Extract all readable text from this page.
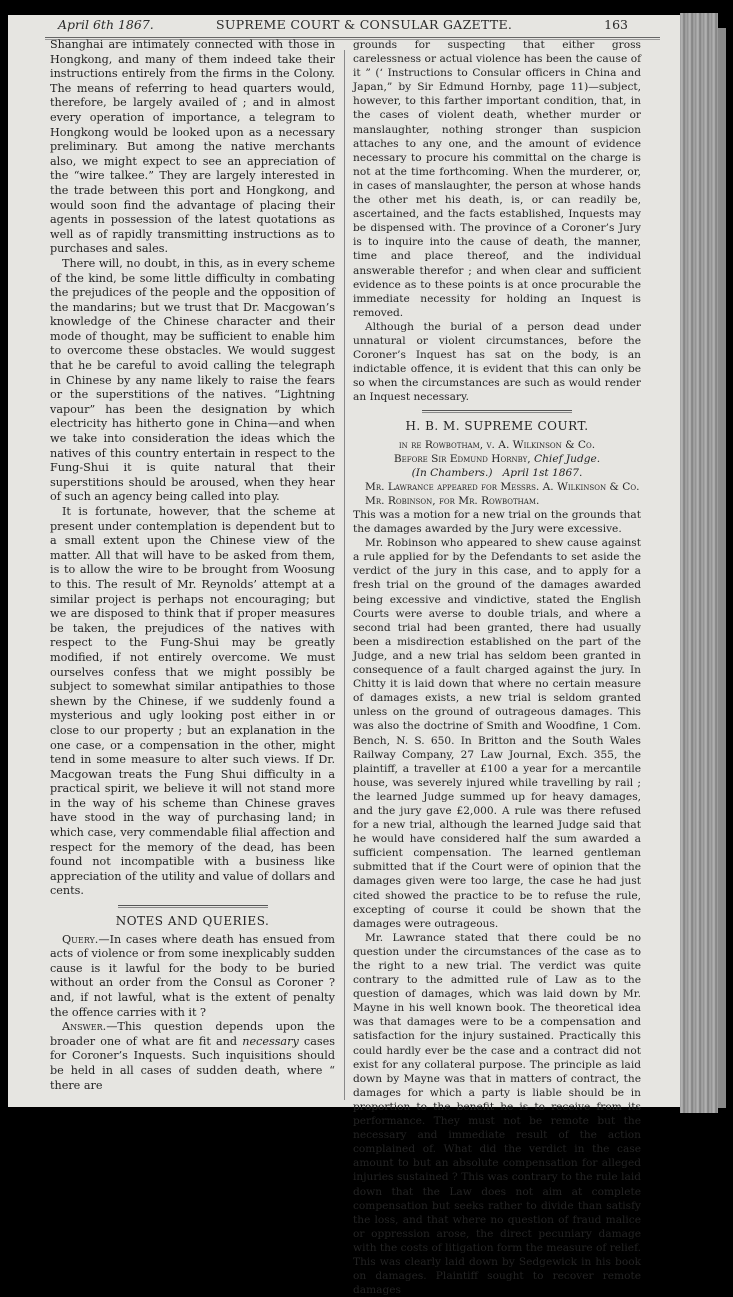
April 6th 1867.	SUPREME COURT & CONSULAR GAZETTE.	163

Shanghai are intimately connected with those in Hongkong, and many of them indeed take their instructions entirely from the firms in the Colony. The means of referring to head quarters would, therefore, be largely availed of ; and in almost every operation of importance, a telegram to Hongkong would be looked upon as a necessary preliminary. But among the native merchants also, we might expect to see an appreciation of the “wire talkee.” They are largely interested in the trade between this port and Hongkong, and would soon find the advantage of placing their agents in possession of the latest quotations as well as of rapidly transmitting instructions as to purchases and sales.

There will, no doubt, in this, as in every scheme of the kind, be some little difficulty in combating the prejudices of the people and the opposition of the mandarins; but we trust that Dr. Macgowan’s knowledge of the Chinese character and their mode of thought, may be sufficient to enable him to overcome these obstacles. We would suggest that he be careful to avoid calling the telegraph in Chinese by any name likely to raise the fears or the superstitions of the natives. “Lightning vapour” has been the designation by which electricity has hitherto gone in China—and when we take into consideration the ideas which the natives of this country entertain in respect to the Fung-Shui it is quite natural that their superstitions should be aroused, when they hear of such an agency being called into play.

It is fortunate, however, that the scheme at present under contemplation is dependent but to a small extent upon the Chinese view of the matter. All that will have to be asked from them, is to allow the wire to be brought from Woosung to this. The result of Mr. Reynolds’ attempt at a similar project is perhaps not encouraging; but we are disposed to think that if proper measures be taken, the prejudices of the natives with respect to the Fung-Shui may be greatly modified, if not entirely overcome. We must ourselves confess that we might possibly be subject to somewhat similar antipathies to those shewn by the Chinese, if we suddenly found a mysterious and ugly looking post either in or close to our property ; but an explanation in the one case, or a compensation in the other, might tend in some measure to alter such views. If Dr. Macgowan treats the Fung Shui difficulty in a practical spirit, we believe it will not stand more in the way of his scheme than Chinese graves have stood in the way of purchasing land; in which case, very commendable filial affection and respect for the memory of the dead, has been found not incompatible with a business like appreciation of the utility and value of dollars and cents.

NOTES AND QUERIES.

Query.—In cases where death has ensued from acts of violence or from some inexplicably sudden cause is it lawful for the body to be buried without an order from the Consul as Coroner ? and, if not lawful, what is the extent of penalty the offence carries with it ?

Answer.—This question depends upon the broader one of what are fit and necessary cases for Coroner’s Inquests. Such inquisitions should be held in all cases of sudden death, where “ there are

grounds for suspecting that either gross carelessness or actual violence has been the cause of it ” (‘ Instructions to Consular officers in China and Japan,” by Sir Edmund Hornby, page 11)—subject, however, to this farther important condition, that, in the cases of violent death, whether murder or manslaughter, nothing stronger than suspicion attaches to any one, and the amount of evidence necessary to procure his committal on the charge is not at the time forthcoming. When the murderer, or, in cases of manslaughter, the person at whose hands the other met his death, is, or can readily be, ascertained, and the facts established, Inquests may be dispensed with. The province of a Coroner’s Jury is to inquire into the cause of death, the manner, time and place thereof, and the individual answerable therefor ; and when clear and sufficient evidence as to these points is at once procurable the immediate necessity for holding an Inquest is removed.

Although the burial of a person dead under unnatural or violent circumstances, before the Coroner’s Inquest has sat on the body, is an indictable offence, it is evident that this can only be so when the circumstances are such as would render an Inquest necessary.

H. B. M. SUPREME COURT.
in re Rowbotham, v. A. Wilkinson & Co.
Before Sir Edmund Hornby, Chief Judge.
(In Chambers.) April 1st 1867.

Mr. Lawrance appeared for Messrs. A. Wilkinson & Co.

Mr. Robinson, for Mr. Rowbotham.

This was a motion for a new trial on the grounds that the damages awarded by the Jury were excessive.

Mr. Robinson who appeared to shew cause against a rule applied for by the Defendants to set aside the verdict of the jury in this case, and to apply for a fresh trial on the ground of the damages awarded being excessive and vindictive, stated the English Courts were averse to double trials, and where a second trial had been granted, there had usually been a misdirection established on the part of the Judge, and a new trial has seldom been granted in consequence of a fault charged against the jury. In Chitty it is laid down that where no certain measure of damages exists, a new trial is seldom granted unless on the ground of outrageous damages. This was also the doctrine of Smith and Woodfine, 1 Com. Bench, N. S. 650. In Britton and the South Wales Railway Company, 27 Law Journal, Exch. 355, the plaintiff, a traveller at £100 a year for a mercantile house, was severely injured while travelling by rail ; the learned Judge summed up for heavy damages, and the jury gave £2,000. A rule was there refused for a new trial, although the learned Judge said that he would have considered half the sum awarded a sufficient compensation. The learned gentleman submitted that if the Court were of opinion that the damages given were too large, the case he had just cited showed the practice to be to refuse the rule, excepting of course it could be shown that the damages were outrageous.

Mr. Lawrance stated that there could be no question under the circumstances of the case as to the right to a new trial. The verdict was quite contrary to the admitted rule of Law as to the question of damages, which was laid down by Mr. Mayne in his well known book. The theoretical idea was that damages were to be a compensation and satisfaction for the injury sustained. Practically this could hardly ever be the case and a contract did not exist for any collateral purpose. The principle as laid down by Mayne was that in matters of contract, the damages for which a party is liable should be in proportion to the benefit he is to receive from its performance. They must not be remote but the necessary and immediate result of the action complained of. What did the verdict in the case amount to but an absolute compensation for alleged injuries sustained ? This was contrary to the rule laid down that the Law does not aim at complete compensation but seeks rather to divide than satisfy the loss, and that where no question of fraud malice or oppression arose, the direct pecuniary damage with the costs of litigation form the measure of relief. This was clearly laid down by Sedgewick in his book on damages. Plaintiff sought to recover remote damages
